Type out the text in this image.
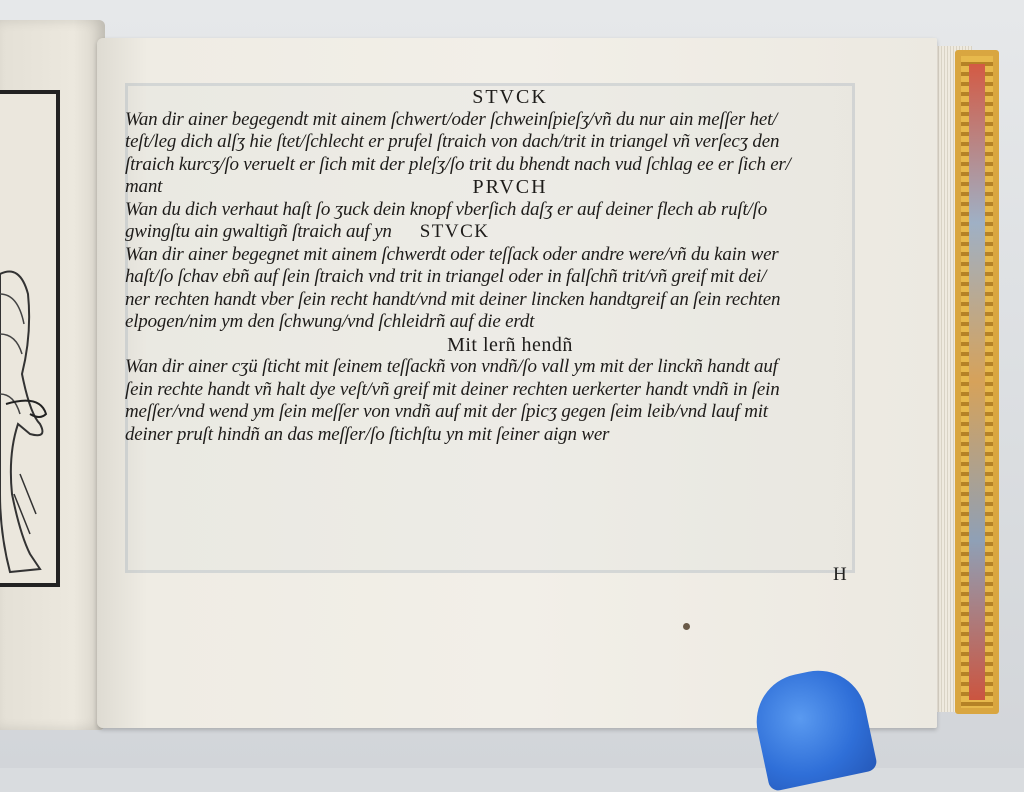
STVCK
Wan dir ainer begegendt mit ainem ſchwert/oder ſchweinſpieſʒ/vñ du nur ain meſſer het/
teſt/leg dich alſʒ hie ſtet/ſchlecht er prufel ſtraich von dach/trit in triangel vñ verſecʒ den
ſtraich kurcʒ/ſo veruelt er ſich mit der pleſʒ/ſo trit du bhendt nach vud ſchlag ee er ſich er/
mant	PRVCH
Wan du dich verhaut haſt ſo ʒuck dein knopf vberſich daſʒ er auf deiner flech ab ruſt/ſo
gwingſtu ain gwaltigñ ſtraich auf yn STVCK
Wan dir ainer begegnet mit ainem ſchwerdt oder teſſack oder andre were/vñ du kain wer
haſt/ſo ſchav ebñ auf ſein ſtraich vnd trit in triangel oder in falſchñ trit/vñ greif mit dei/
ner rechten handt vber ſein recht handt/vnd mit deiner lincken handtgreif an ſein rechten
elpogen/nim ym den ſchwung/vnd ſchleidrñ auf die erdt
Mit lerñ hendñ
Wan dir ainer cʒü ſticht mit ſeinem teſſackñ von vndñ/ſo vall ym mit der linckñ handt auf
ſein rechte handt vñ halt dye veſt/vñ greif mit deiner rechten uerkerter handt vndñ in ſein
meſſer/vnd wend ym ſein meſſer von vndñ auf mit der ſpicʒ gegen ſeim leib/vnd lauf mit
deiner pruſt hindñ an das meſſer/ſo ſtichſtu yn mit ſeiner aign wer
H
